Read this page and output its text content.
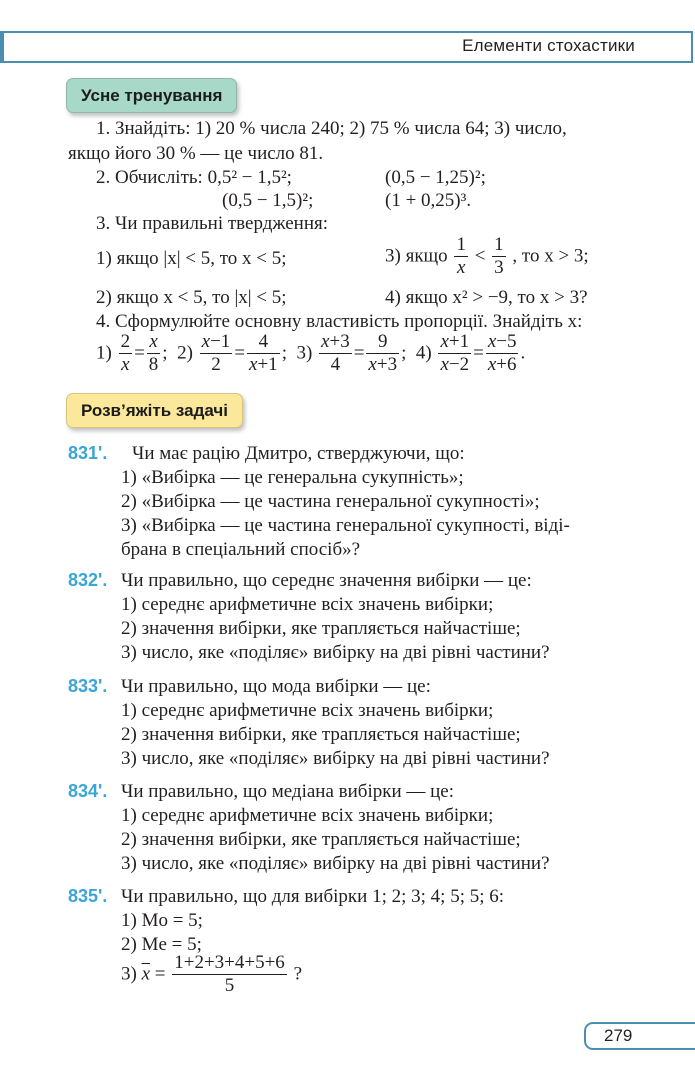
Елементи стохастики
Усне тренування
1. Знайдіть: 1) 20 % числа 240; 2) 75 % числа 64; 3) число,
якщо його 30 % — це число 81.
2. Обчисліть: 0,5² − 1,5²;	(0,5 − 1,25)²;
(0,5 − 1,5)²;	(1 + 0,25)³.
3. Чи правильні твердження:
1) якщо |x| < 5, то x < 5;	3) якщо $\frac{1}{x} < \frac{1}{3}$ , то x > 3;
2) якщо x < 5, то |x| < 5;	4) якщо x² > −9, то x > 3?
4. Сформулюйте основну властивість пропорції. Знайдіть x:
$1) \frac{2}{x} = \frac{x}{8}$ ;  $2) \frac{x-1}{2} = \frac{4}{x+1}$ ;  $3) \frac{x+3}{4} = \frac{9}{x+3}$ ;  $4) \frac{x+1}{x-2} = \frac{x-5}{x+6}$ .
Розв’яжіть задачі
831'. Чи має рацію Дмитро, стверджуючи, що:
1) «Вибірка — це генеральна сукупність»;
2) «Вибірка — це частина генеральної сукупності»;
3) «Вибірка — це частина генеральної сукупності, віді-
брана в спеціальний спосіб»?
832'. Чи правильно, що середнє значення вибірки — це:
1) середнє арифметичне всіх значень вибірки;
2) значення вибірки, яке трапляється найчастіше;
3) число, яке «поділяє» вибірку на дві рівні частини?
833'. Чи правильно, що мода вибірки — це:
1) середнє арифметичне всіх значень вибірки;
2) значення вибірки, яке трапляється найчастіше;
3) число, яке «поділяє» вибірку на дві рівні частини?
834'. Чи правильно, що медіана вибірки — це:
1) середнє арифметичне всіх значень вибірки;
2) значення вибірки, яке трапляється найчастіше;
3) число, яке «поділяє» вибірку на дві рівні частини?
835'. Чи правильно, що для вибірки 1; 2; 3; 4; 5; 5; 6:
1) Mo = 5;
2) Me = 5;
3) $\overline{x} = \frac{1+2+3+4+5+6}{5}$ ?
279
